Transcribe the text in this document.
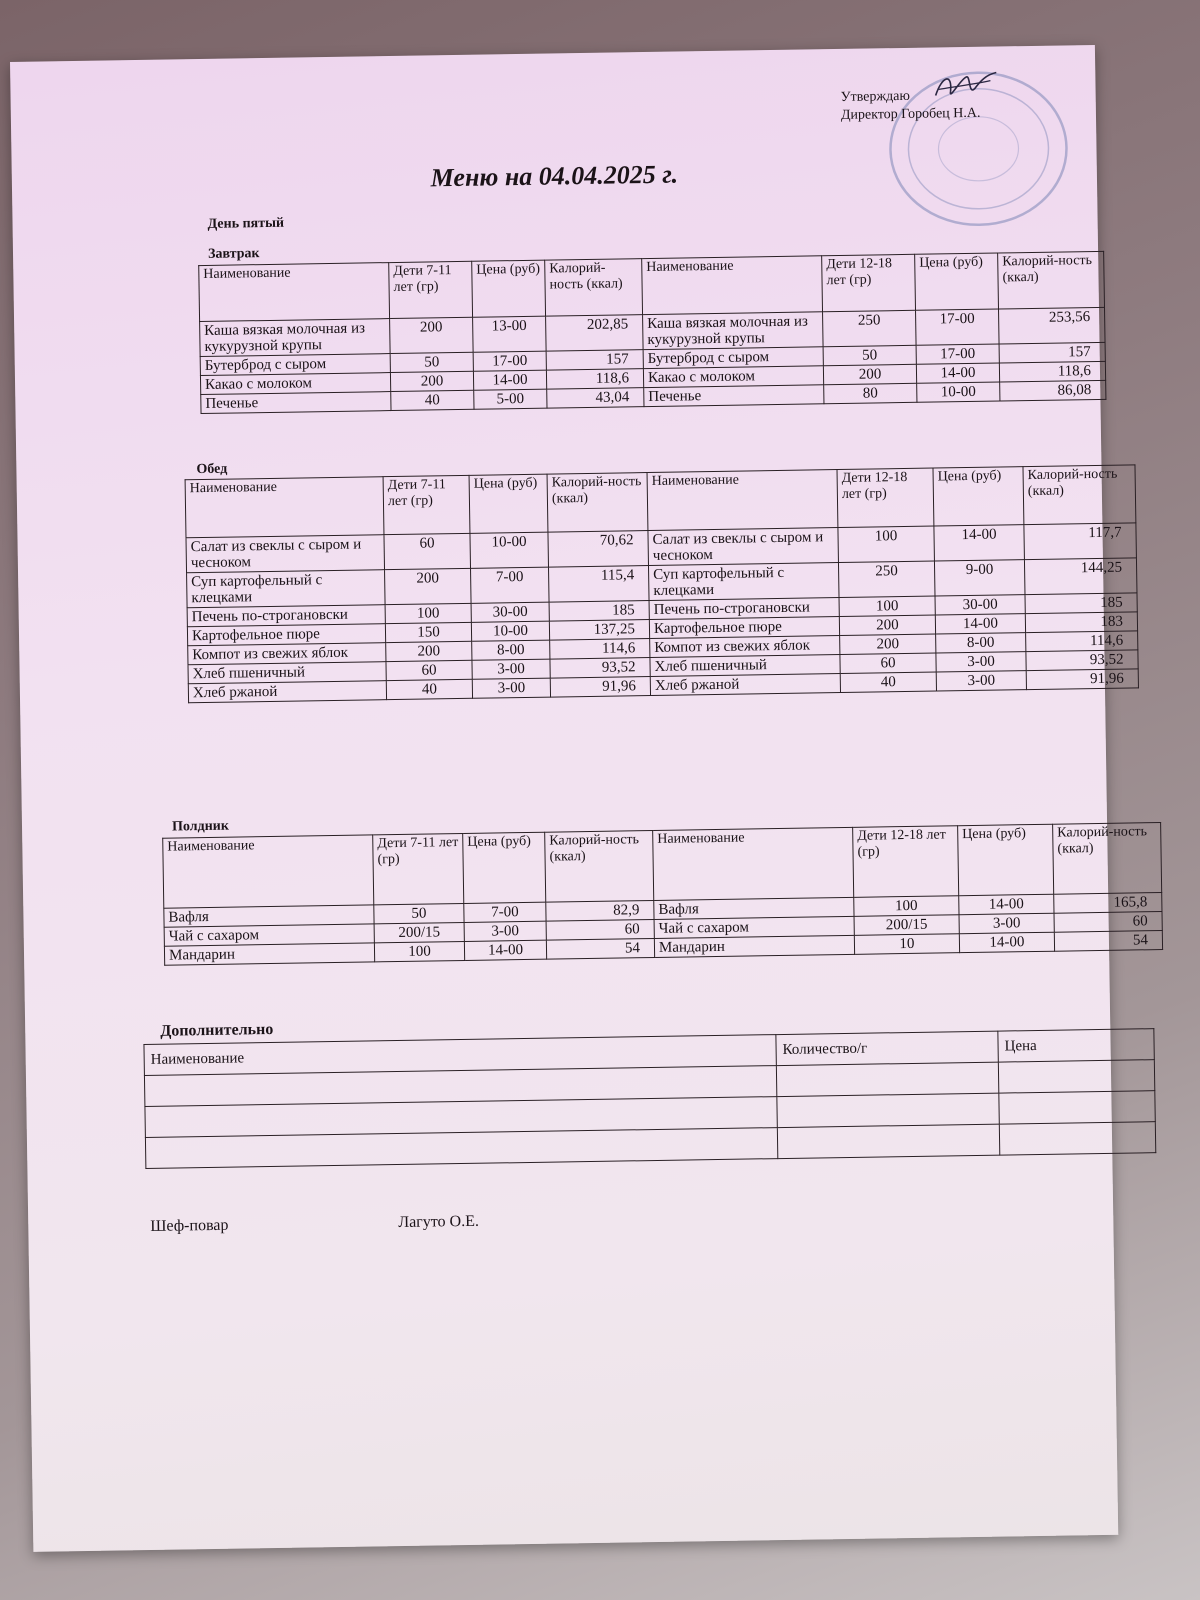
Утверждаю
Директор Горобец Н.А.
Меню на 04.04.2025 г.
День пятый
Завтрак
Наименование	Дети 7-11 лет (гр)	Цена (руб)	Калорий-ность (ккал)	Наименование	Дети 12-18 лет (гр)	Цена (руб)	Калорий-ность (ккал)
Каша вязкая молочная из кукурузной крупы	200	13-00	202,85	Каша вязкая молочная из кукурузной крупы	250	17-00	253,56
Бутерброд с сыром	50	17-00	157	Бутерброд с сыром	50	17-00	157
Какао с молоком	200	14-00	118,6	Какао с молоком	200	14-00	118,6
Печенье	40	5-00	43,04	Печенье	80	10-00	86,08
Обед
Наименование	Дети 7-11 лет (гр)	Цена (руб)	Калорий-ность (ккал)	Наименование	Дети 12-18 лет (гр)	Цена (руб)	Калорий-ность (ккал)
Салат из свеклы с сыром и чесноком	60	10-00	70,62	Салат из свеклы с сыром и чесноком	100	14-00	117,7
Суп картофельный с клецками	200	7-00	115,4	Суп картофельный с клецками	250	9-00	144,25
Печень по-строгановски	100	30-00	185	Печень по-строгановски	100	30-00	185
Картофельное пюре	150	10-00	137,25	Картофельное пюре	200	14-00	183
Компот из свежих яблок	200	8-00	114,6	Компот из свежих яблок	200	8-00	114,6
Хлеб пшеничный	60	3-00	93,52	Хлеб пшеничный	60	3-00	93,52
Хлеб ржаной	40	3-00	91,96	Хлеб ржаной	40	3-00	91,96
Полдник
Наименование	Дети 7-11 лет (гр)	Цена (руб)	Калорий-ность (ккал)	Наименование	Дети 12-18 лет (гр)	Цена (руб)	Калорий-ность (ккал)
Вафля	50	7-00	82,9	Вафля	100	14-00	165,8
Чай с сахаром	200/15	3-00	60	Чай с сахаром	200/15	3-00	60
Мандарин	100	14-00	54	Мандарин	10	14-00	54
Дополнительно
Наименование	Количество/г	Цена

Шеф-повар	Лагуто О.Е.
